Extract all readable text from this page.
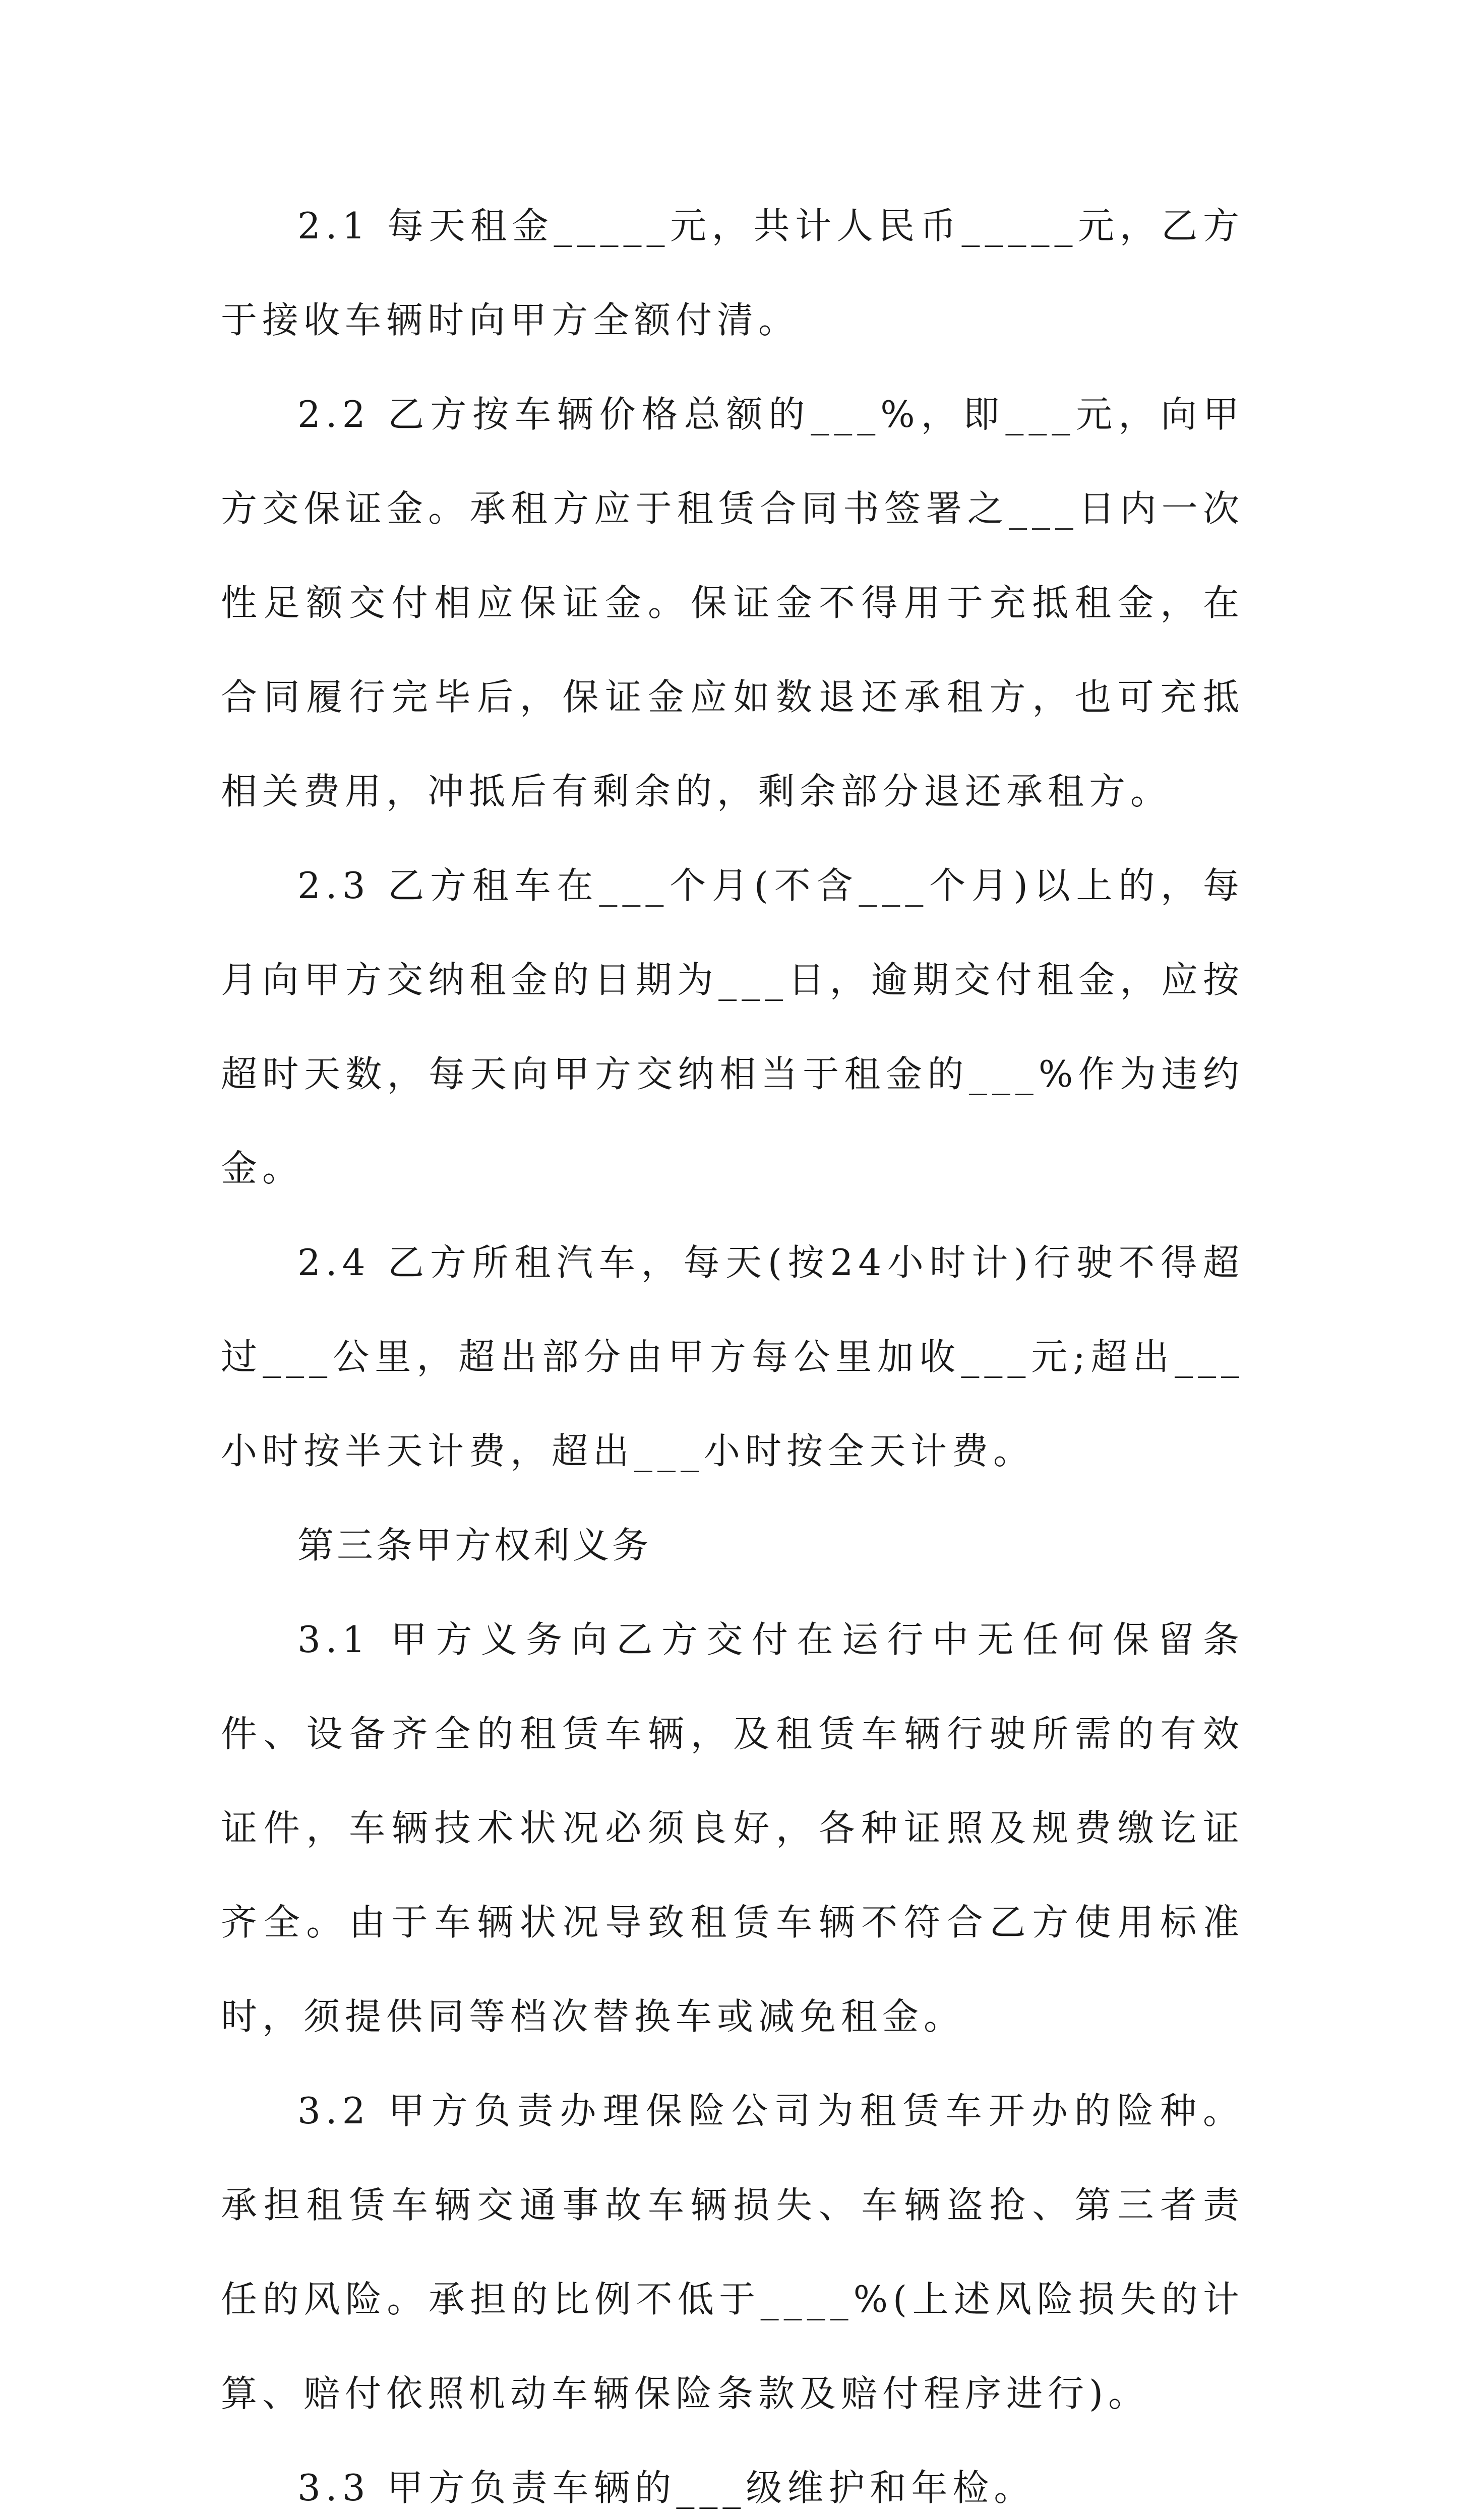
2.1 每天租金_____元，共计人民币_____元，乙方于接收车辆时向甲方全额付清。

2.2 乙方按车辆价格总额的___%，即___元，向甲方交保证金。承租方应于租赁合同书签署之___日内一次性足额交付相应保证金。保证金不得用于充抵租金，在合同履行完毕后，保证金应如数退还承租方，也可充抵相关费用，冲抵后有剩余的，剩余部分退还承租方。

2.3 乙方租车在___个月(不含___个月)以上的，每月向甲方交纳租金的日期为___日，逾期交付租金，应按超时天数，每天向甲方交纳相当于租金的___%作为违约金。

2.4 乙方所租汽车，每天(按24小时计)行驶不得超过___公里，超出部分由甲方每公里加收___元;超出___小时按半天计费，超出___小时按全天计费。

第三条甲方权利义务

3.1 甲方义务向乙方交付在运行中无任何保留条件、设备齐全的租赁车辆，及租赁车辆行驶所需的有效证件，车辆技术状况必须良好，各种证照及规费缴讫证齐全。由于车辆状况导致租赁车辆不符合乙方使用标准时，须提供同等档次替换车或减免租金。

3.2 甲方负责办理保险公司为租赁车开办的险种。承担租赁车辆交通事故车辆损失、车辆盗抢、第三者责任的风险。承担的比例不低于____%(上述风险损失的计算、赔付依照机动车辆保险条款及赔付程序进行)。

3.3 甲方负责车辆的___级维护和年检。
